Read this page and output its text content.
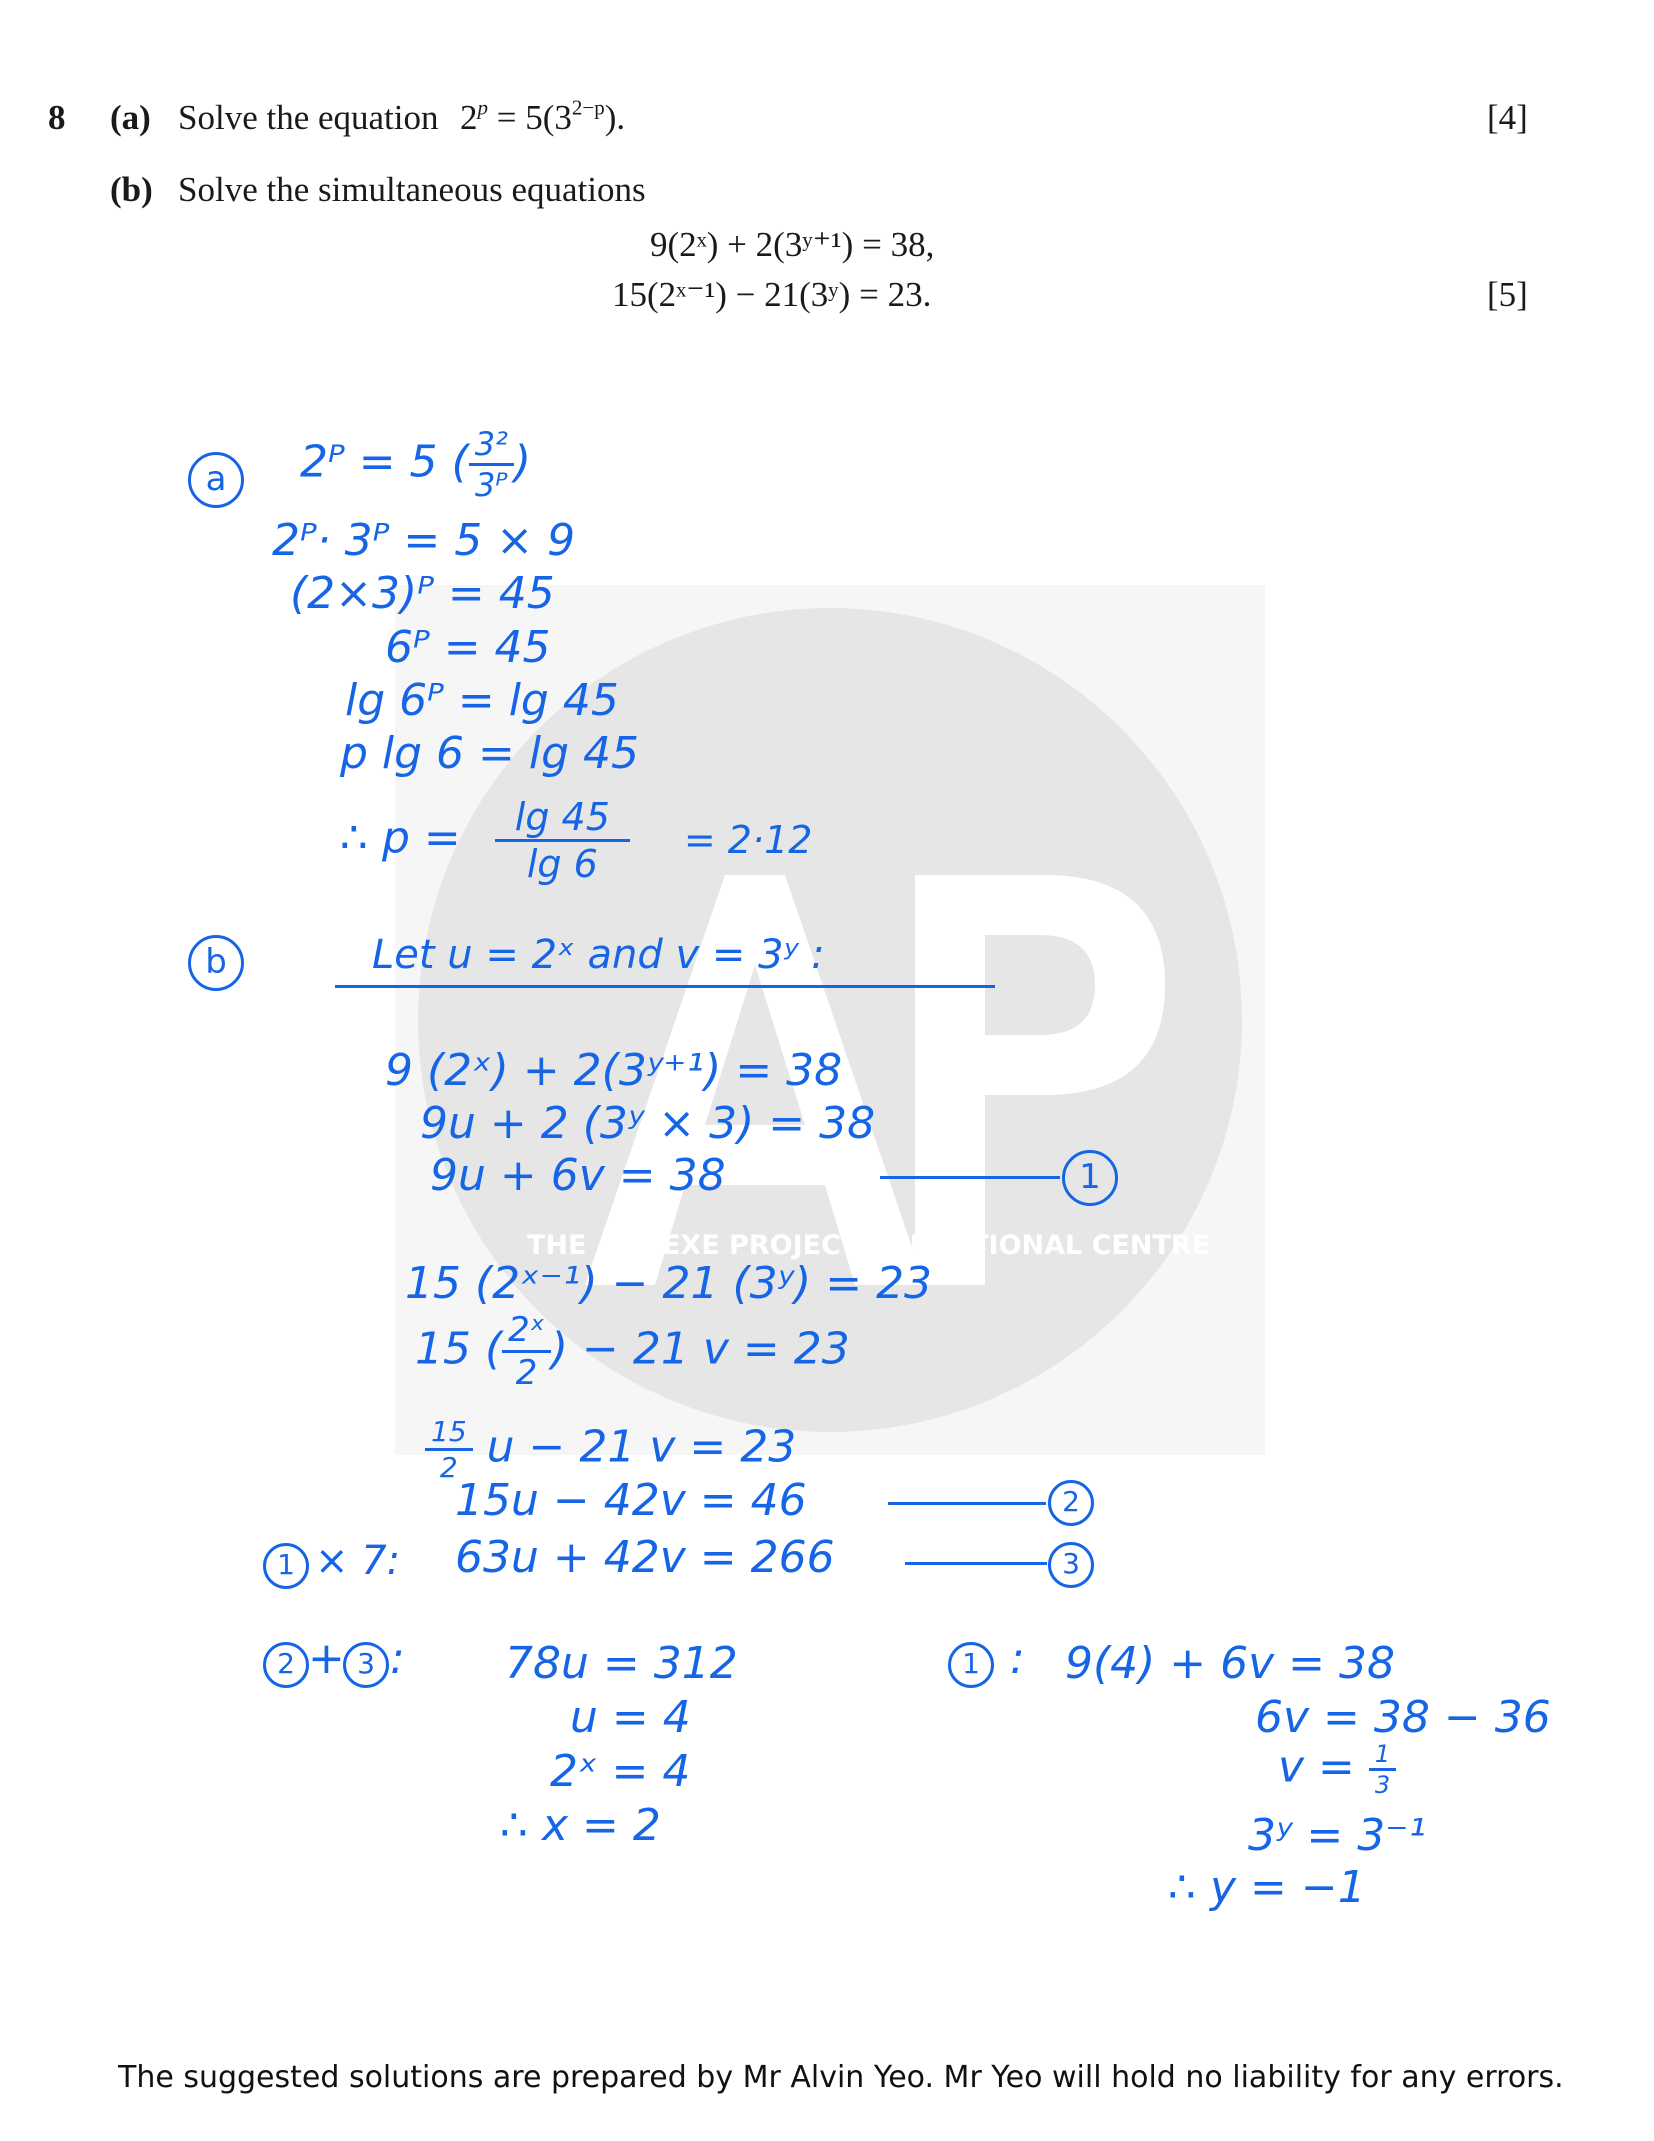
THE ANNEXE PROJECT EDUCATIONAL CENTRE
8 (a) Solve the equation $2^p = 5(3^{2-p})$.	[4]
(b) Solve the simultaneous equations
9(2ˣ) + 2(3ʸ⁺¹) = 38,
15(2ˣ⁻¹) − 21(3ʸ) = 23.	[5]
a	2ᴾ = 5 ( $\frac{\text{3²}}{\text{3ᴾ}}$ )
2ᴾ· 3ᴾ = 5 × 9
(2×3)ᴾ = 45
6ᴾ = 45
lg 6ᴾ = lg 45
p lg 6 = lg 45
∴ $p = \frac{\lg 45}{\lg 6} = 2\cdot 12$
b	Let u = 2ˣ and v = 3ʸ :
9 (2ˣ) + 2(3ʸ⁺¹) = 38
9u + 2 (3ʸ × 3) = 38
9u + 6v = 38	1
15 (2ˣ⁻¹) − 21 (3ʸ) = 23
15 ( $\frac{\text{2ˣ}}{2}$ ) − 21 v = 23
$\frac{15}{2}$ u − 21 v = 23
15u − 42v = 46	2
1 × 7: 63u + 42v = 266	3
2 + 3 : 78u = 312
u = 4
2ˣ = 4
∴ x = 2
1 : 9(4) + 6v = 38
6v = 38 − 36
$v = \frac{1}{3}$
3ʸ = 3⁻¹
∴ y = −1
The suggested solutions are prepared by Mr Alvin Yeo. Mr Yeo will hold no liability for any errors.
